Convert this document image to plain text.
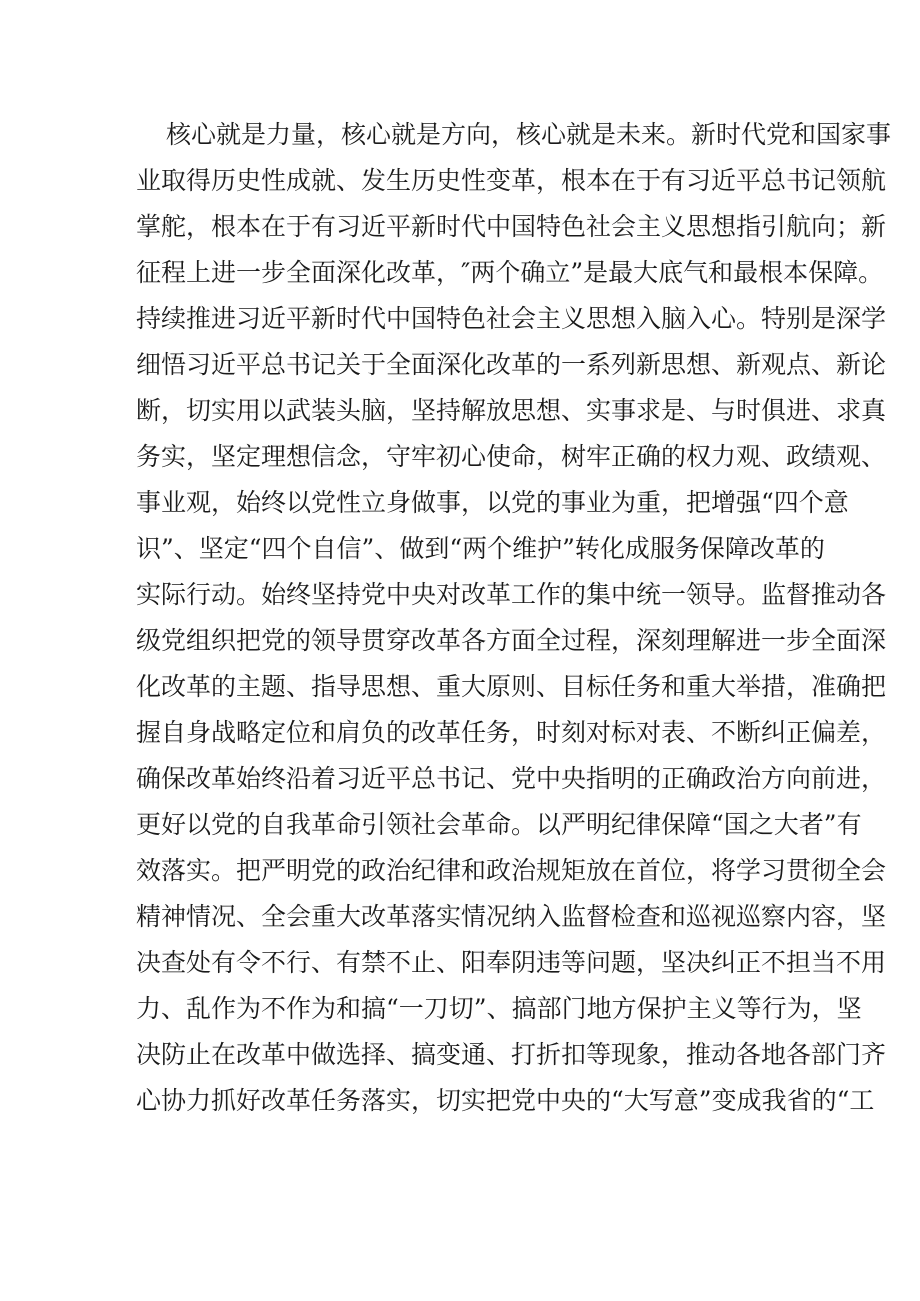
核心就是力量，核心就是方向，核心就是未来。新时代党和国家事
业取得历史性成就、发生历史性变革，根本在于有习近平总书记领航
掌舵，根本在于有习近平新时代中国特色社会主义思想指引航向；新
征程上进一步全面深化改革，″两个确立”是最大底气和最根本保障。
持续推进习近平新时代中国特色社会主义思想入脑入心。特别是深学
细悟习近平总书记关于全面深化改革的一系列新思想、新观点、新论
断，切实用以武装头脑，坚持解放思想、实事求是、与时俱进、求真
务实，坚定理想信念，守牢初心使命，树牢正确的权力观、政绩观、
事业观，始终以党性立身做事，以党的事业为重，把增强“四个意
识”、坚定“四个自信”、做到“两个维护”转化成服务保障改革的
实际行动。始终坚持党中央对改革工作的集中统一领导。监督推动各
级党组织把党的领导贯穿改革各方面全过程，深刻理解进一步全面深
化改革的主题、指导思想、重大原则、目标任务和重大举措，准确把
握自身战略定位和肩负的改革任务，时刻对标对表、不断纠正偏差，
确保改革始终沿着习近平总书记、党中央指明的正确政治方向前进，
更好以党的自我革命引领社会革命。以严明纪律保障“国之大者”有
效落实。把严明党的政治纪律和政治规矩放在首位，将学习贯彻全会
精神情况、全会重大改革落实情况纳入监督检查和巡视巡察内容，坚
决查处有令不行、有禁不止、阳奉阴违等问题，坚决纠正不担当不用
力、乱作为不作为和搞“一刀切”、搞部门地方保护主义等行为，坚
决防止在改革中做选择、搞变通、打折扣等现象，推动各地各部门齐
心协力抓好改革任务落实，切实把党中央的“大写意”变成我省的“工
